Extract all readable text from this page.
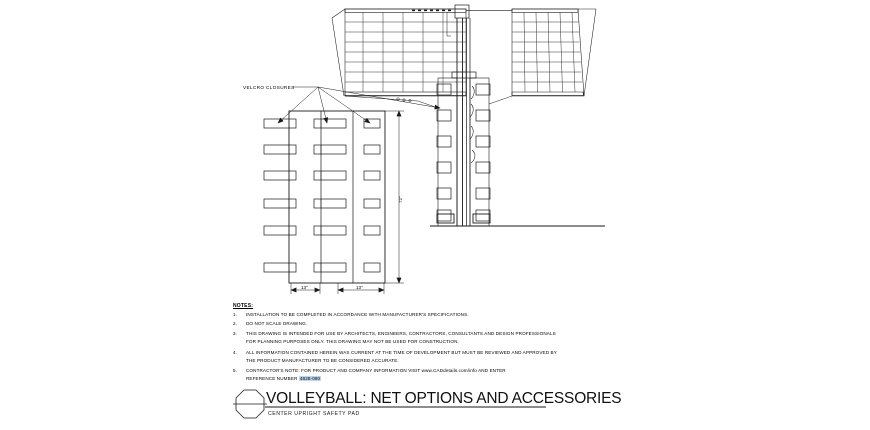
VELCRO CLOSURES
13"	13"
72"
NOTES:
1. INSTALLATION TO BE COMPLETED IN ACCORDANCE WITH MANUFACTURER'S SPECIFICATIONS.
2. DO NOT SCALE DRAWING.
3. THIS DRAWING IS INTENDED FOR USE BY ARCHITECTS, ENGINEERS, CONTRACTORS, CONSULTANTS AND DESIGN PROFESSIONALS
FOR PLANNING PURPOSES ONLY. THIS DRAWING MAY NOT BE USED FOR CONSTRUCTION.
4. ALL INFORMATION CONTAINED HEREIN WAS CURRENT AT THE TIME OF DEVELOPMENT BUT MUST BE REVIEWED AND APPROVED BY
THE PRODUCT MANUFACTURER TO BE CONSIDERED ACCURATE.
5. CONTRACTOR'S NOTE: FOR PRODUCT AND COMPANY INFORMATION VISIT www.CADdetails.com/info AND ENTER
REFERENCE NUMBER 4828-080
VOLLEYBALL: NET OPTIONS AND ACCESSORIES
CENTER UPRIGHT SAFETY PAD
